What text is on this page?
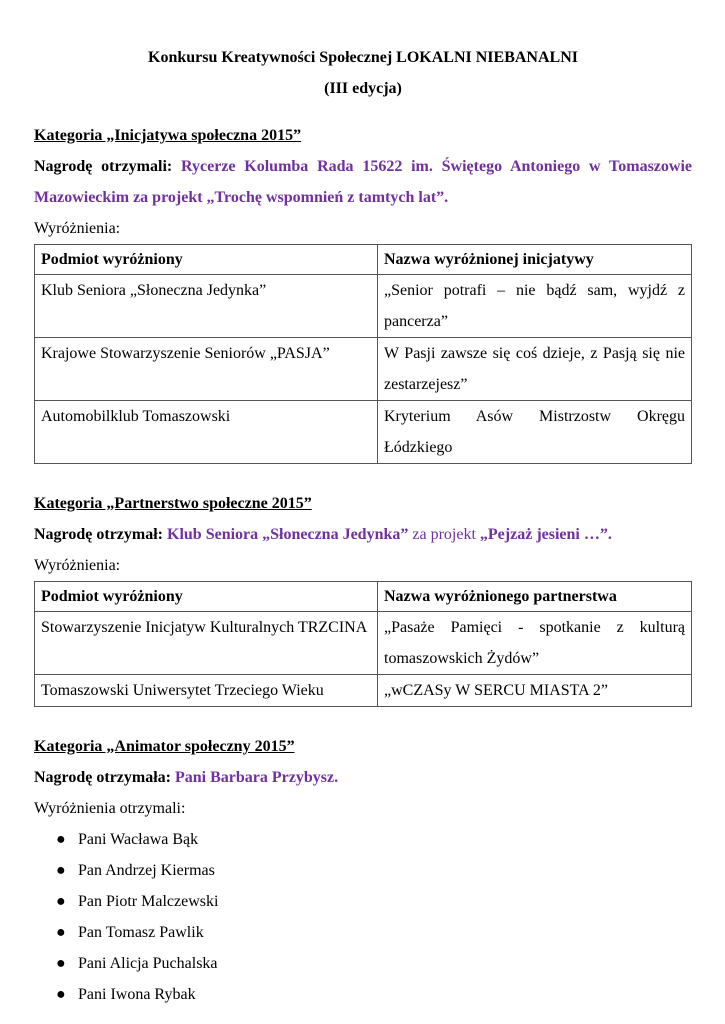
Konkursu Kreatywności Społecznej LOKALNI NIEBANALNI
(III edycja)
Kategoria „Inicjatywa społeczna 2015”
Nagrodę otrzymali: Rycerze Kolumba Rada 15622 im. Świętego Antoniego w Tomaszowie Mazowieckim za projekt „Trochę wspomnień z tamtych lat”.
Wyróżnienia:
Podmiot wyróżniony	Nazwa wyróżnionej inicjatywy
Klub Seniora „Słoneczna Jedynka”	„Senior potrafi – nie bądź sam, wyjdź z pancerza”
Krajowe Stowarzyszenie Seniorów „PASJA”	W Pasji zawsze się coś dzieje, z Pasją się nie zestarzejesz”
Automobilklub Tomaszowski	Kryterium Asów Mistrzostw Okręgu Łódzkiego
Kategoria „Partnerstwo społeczne 2015”
Nagrodę otrzymał: Klub Seniora „Słoneczna Jedynka” za projekt „Pejzaż jesieni …”.
Wyróżnienia:
Podmiot wyróżniony	Nazwa wyróżnionego partnerstwa
Stowarzyszenie Inicjatyw Kulturalnych TRZCINA	„Pasaże Pamięci - spotkanie z kulturą tomaszowskich Żydów”
Tomaszowski Uniwersytet Trzeciego Wieku	„wCZASy W SERCU MIASTA 2”
Kategoria „Animator społeczny 2015”
Nagrodę otrzymała: Pani Barbara Przybysz.
Wyróżnienia otrzymali:
● Pani Wacława Bąk
● Pan Andrzej Kiermas
● Pan Piotr Malczewski
● Pan Tomasz Pawlik
● Pani Alicja Puchalska
● Pani Iwona Rybak
